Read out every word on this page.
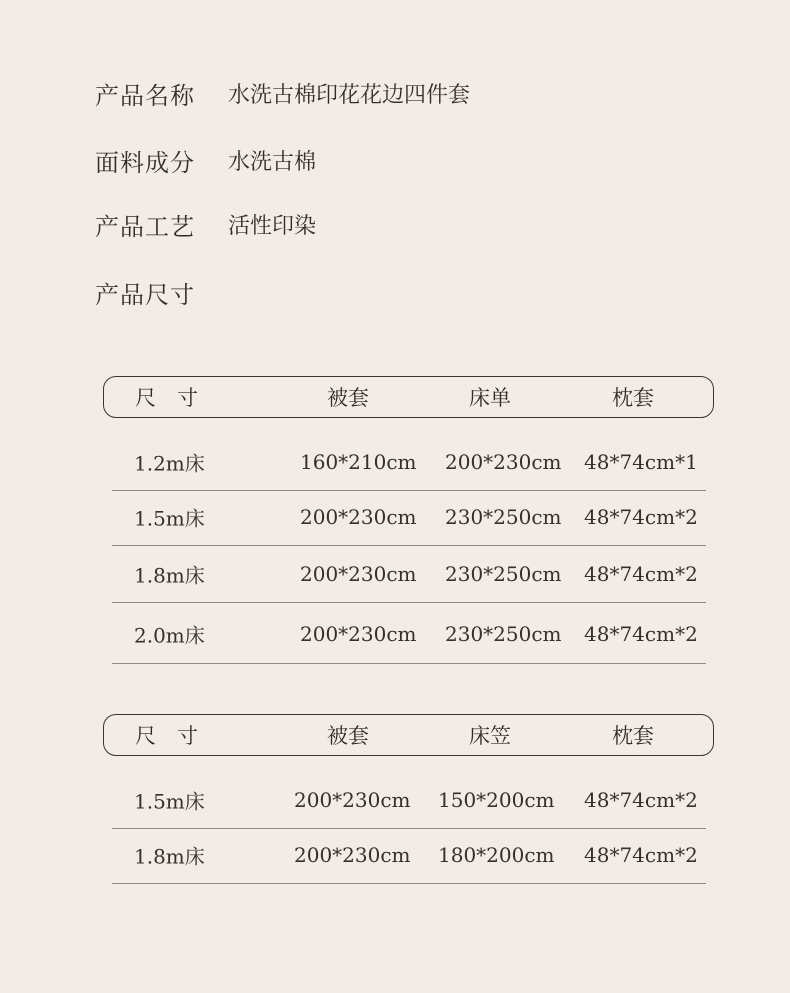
产品名称	水洗古棉印花花边四件套
面料成分	水洗古棉
产品工艺	活性印染
产品尺寸
尺　寸	被套	床单	枕套
1.2m床	160*210cm 200*230cm 48*74cm*1
1.5m床	200*230cm 230*250cm 48*74cm*2
1.8m床	200*230cm 230*250cm 48*74cm*2
2.0m床	200*230cm 230*250cm 48*74cm*2
尺　寸	被套	床笠	枕套
1.5m床	200*230cm 150*200cm 48*74cm*2
1.8m床	200*230cm 180*200cm 48*74cm*2
